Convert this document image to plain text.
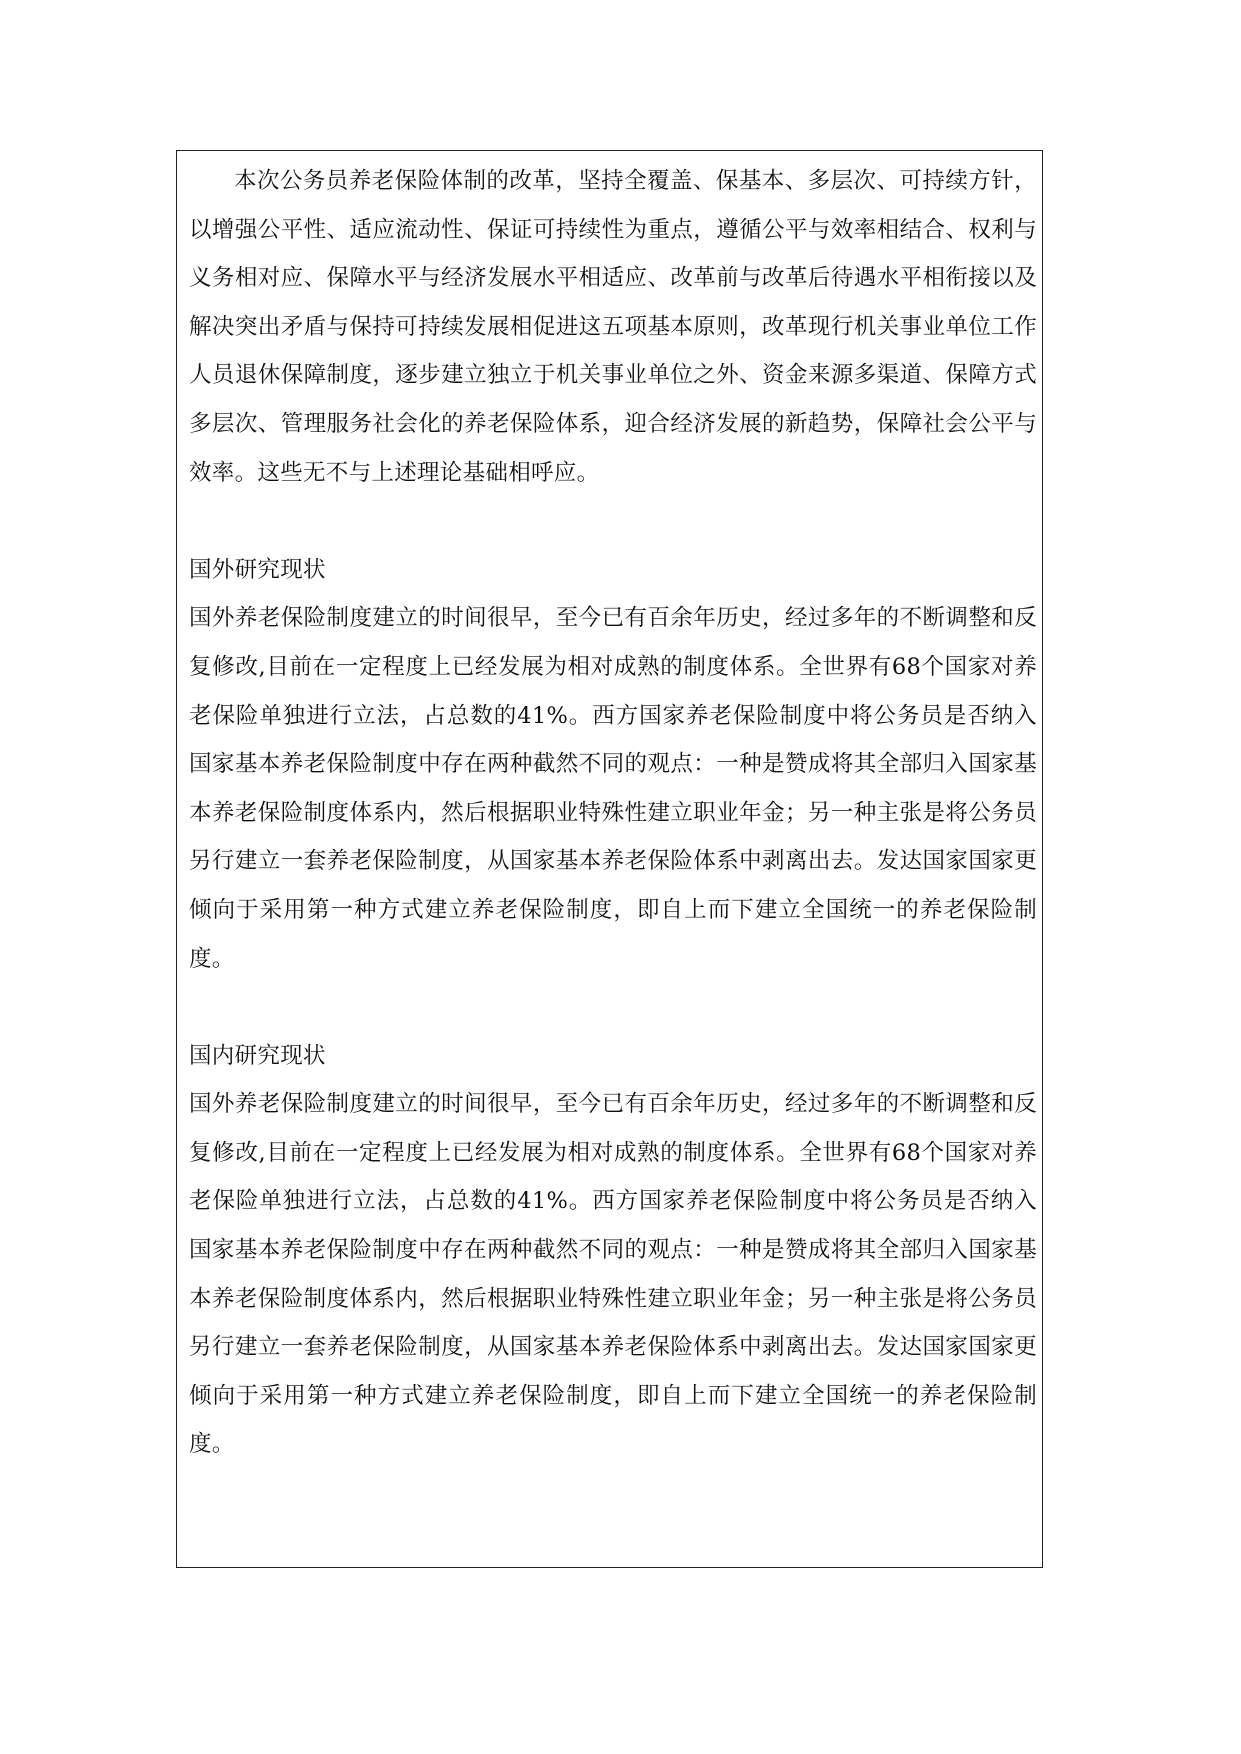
本次公务员养老保险体制的改革，坚持全覆盖、保基本、多层次、可持续方针，以增强公平性、适应流动性、保证可持续性为重点，遵循公平与效率相结合、权利与义务相对应、保障水平与经济发展水平相适应、改革前与改革后待遇水平相衔接以及解决突出矛盾与保持可持续发展相促进这五项基本原则，改革现行机关事业单位工作人员退休保障制度，逐步建立独立于机关事业单位之外、资金来源多渠道、保障方式多层次、管理服务社会化的养老保险体系，迎合经济发展的新趋势，保障社会公平与效率。这些无不与上述理论基础相呼应。

国外研究现状

国外养老保险制度建立的时间很早，至今已有百余年历史，经过多年的不断调整和反复修改,目前在一定程度上已经发展为相对成熟的制度体系。全世界有68个国家对养老保险单独进行立法，占总数的41%。西方国家养老保险制度中将公务员是否纳入国家基本养老保险制度中存在两种截然不同的观点：一种是赞成将其全部归入国家基本养老保险制度体系内，然后根据职业特殊性建立职业年金；另一种主张是将公务员另行建立一套养老保险制度，从国家基本养老保险体系中剥离出去。发达国家国家更倾向于采用第一种方式建立养老保险制度，即自上而下建立全国统一的养老保险制度。

国内研究现状

国外养老保险制度建立的时间很早，至今已有百余年历史，经过多年的不断调整和反复修改,目前在一定程度上已经发展为相对成熟的制度体系。全世界有68个国家对养老保险单独进行立法，占总数的41%。西方国家养老保险制度中将公务员是否纳入国家基本养老保险制度中存在两种截然不同的观点：一种是赞成将其全部归入国家基本养老保险制度体系内，然后根据职业特殊性建立职业年金；另一种主张是将公务员另行建立一套养老保险制度，从国家基本养老保险体系中剥离出去。发达国家国家更倾向于采用第一种方式建立养老保险制度，即自上而下建立全国统一的养老保险制度。
